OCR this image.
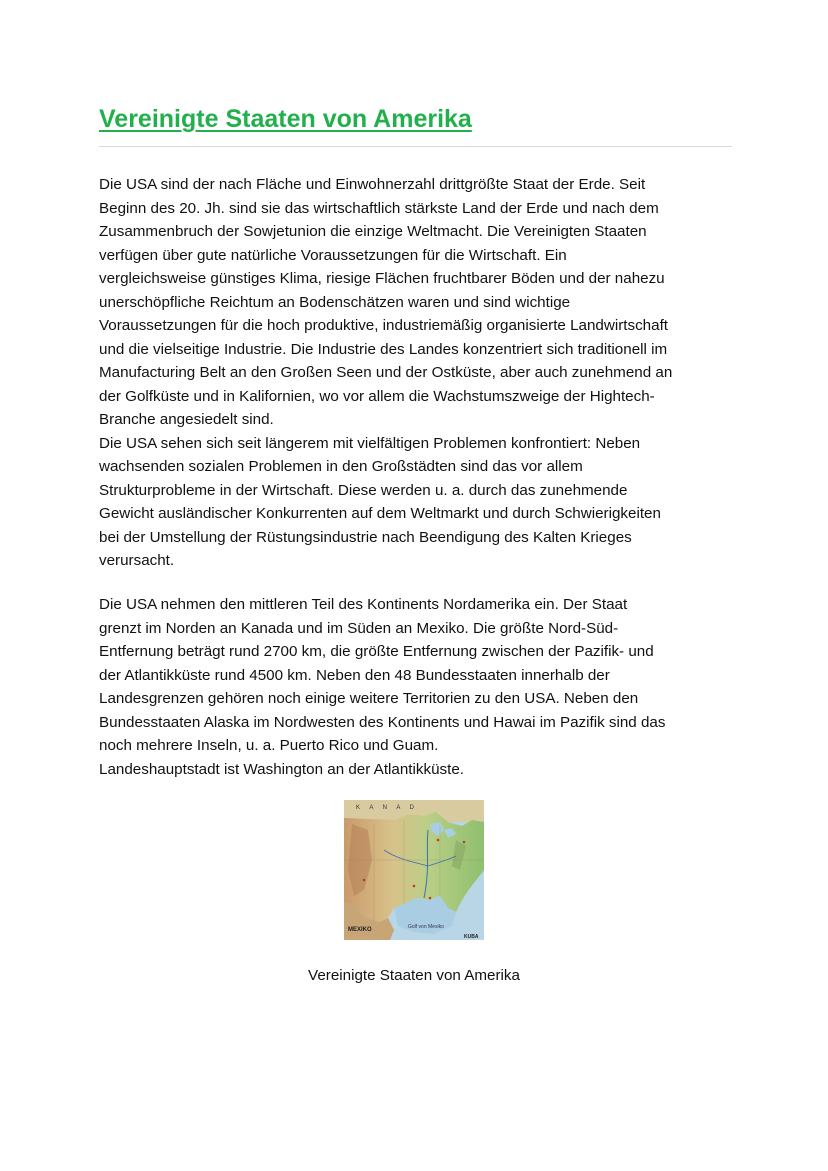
Vereinigte Staaten von Amerika

Die USA sind der nach Fläche und Einwohnerzahl drittgrößte Staat der Erde. Seit
Beginn des 20. Jh. sind sie das wirtschaftlich stärkste Land der Erde und nach dem
Zusammenbruch der Sowjetunion die einzige Weltmacht. Die Vereinigten Staaten
verfügen über gute natürliche Voraussetzungen für die Wirtschaft. Ein
vergleichsweise günstiges Klima, riesige Flächen fruchtbarer Böden und der nahezu
unerschöpfliche Reichtum an Bodenschätzen waren und sind wichtige
Voraussetzungen für die hoch produktive, industriemäßig organisierte Landwirtschaft
und die vielseitige Industrie. Die Industrie des Landes konzentriert sich traditionell im
Manufacturing Belt an den Großen Seen und der Ostküste, aber auch zunehmend an
der Golfküste und in Kalifornien, wo vor allem die Wachstumszweige der Hightech-
Branche angesiedelt sind.

Die USA sehen sich seit längerem mit vielfältigen Problemen konfrontiert: Neben
wachsenden sozialen Problemen in den Großstädten sind das vor allem
Strukturprobleme in der Wirtschaft. Diese werden u. a. durch das zunehmende
Gewicht ausländischer Konkurrenten auf dem Weltmarkt und durch Schwierigkeiten
bei der Umstellung der Rüstungsindustrie nach Beendigung des Kalten Krieges
verursacht.

Die USA nehmen den mittleren Teil des Kontinents Nordamerika ein. Der Staat
grenzt im Norden an Kanada und im Süden an Mexiko. Die größte Nord-Süd-
Entfernung beträgt rund 2700 km, die größte Entfernung zwischen der Pazifik- und
der Atlantikküste rund 4500 km. Neben den 48 Bundesstaaten innerhalb der
Landesgrenzen gehören noch einige weitere Territorien zu den USA. Neben den
Bundesstaaten Alaska im Nordwesten des Kontinents und Hawai im Pazifik sind das
noch mehrere Inseln, u. a. Puerto Rico und Guam.

Landeshauptstadt ist Washington an der Atlantikküste.

K A N A D
MEXIKO	Golf von Mexiko
KUBA
Vereinigte Staaten von Amerika
